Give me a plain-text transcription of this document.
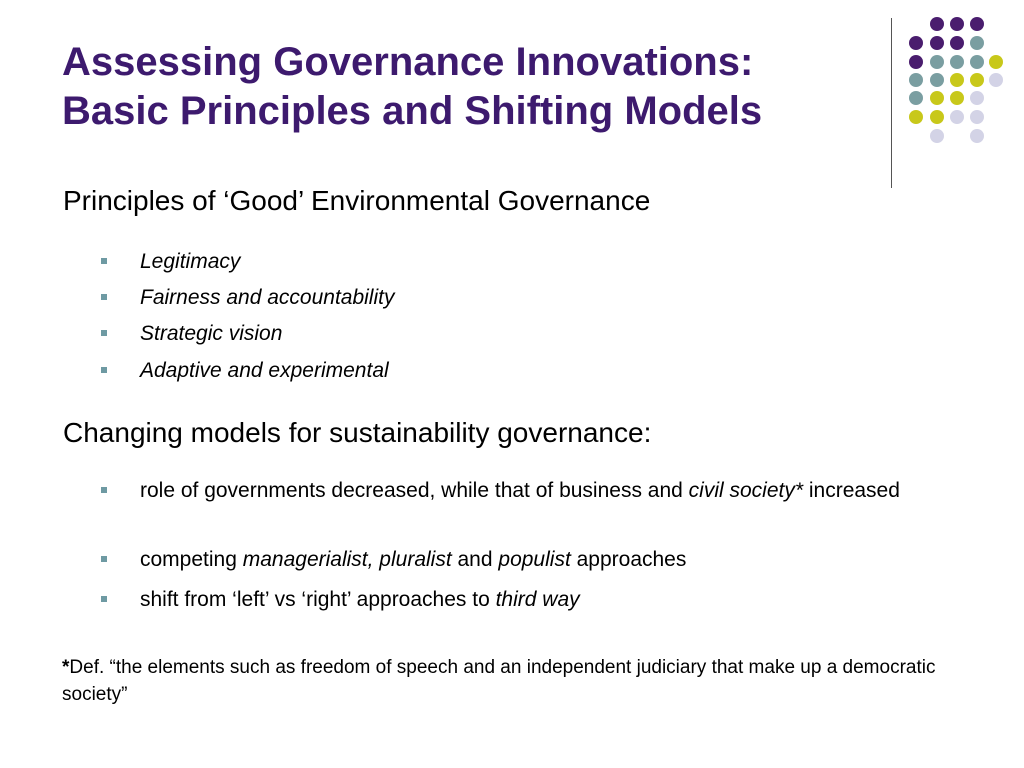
Assessing Governance Innovations:
Basic Principles and Shifting Models
Principles of ‘Good’ Environmental Governance
Legitimacy
Fairness and accountability
Strategic vision
Adaptive and experimental
Changing models for sustainability governance:
role of governments decreased, while that of business and civil society* increased
competing managerialist, pluralist and populist approaches
shift from ‘left’ vs ‘right’ approaches to third way

*Def. “the elements such as freedom of speech and an independent judiciary that make up a democratic society”
